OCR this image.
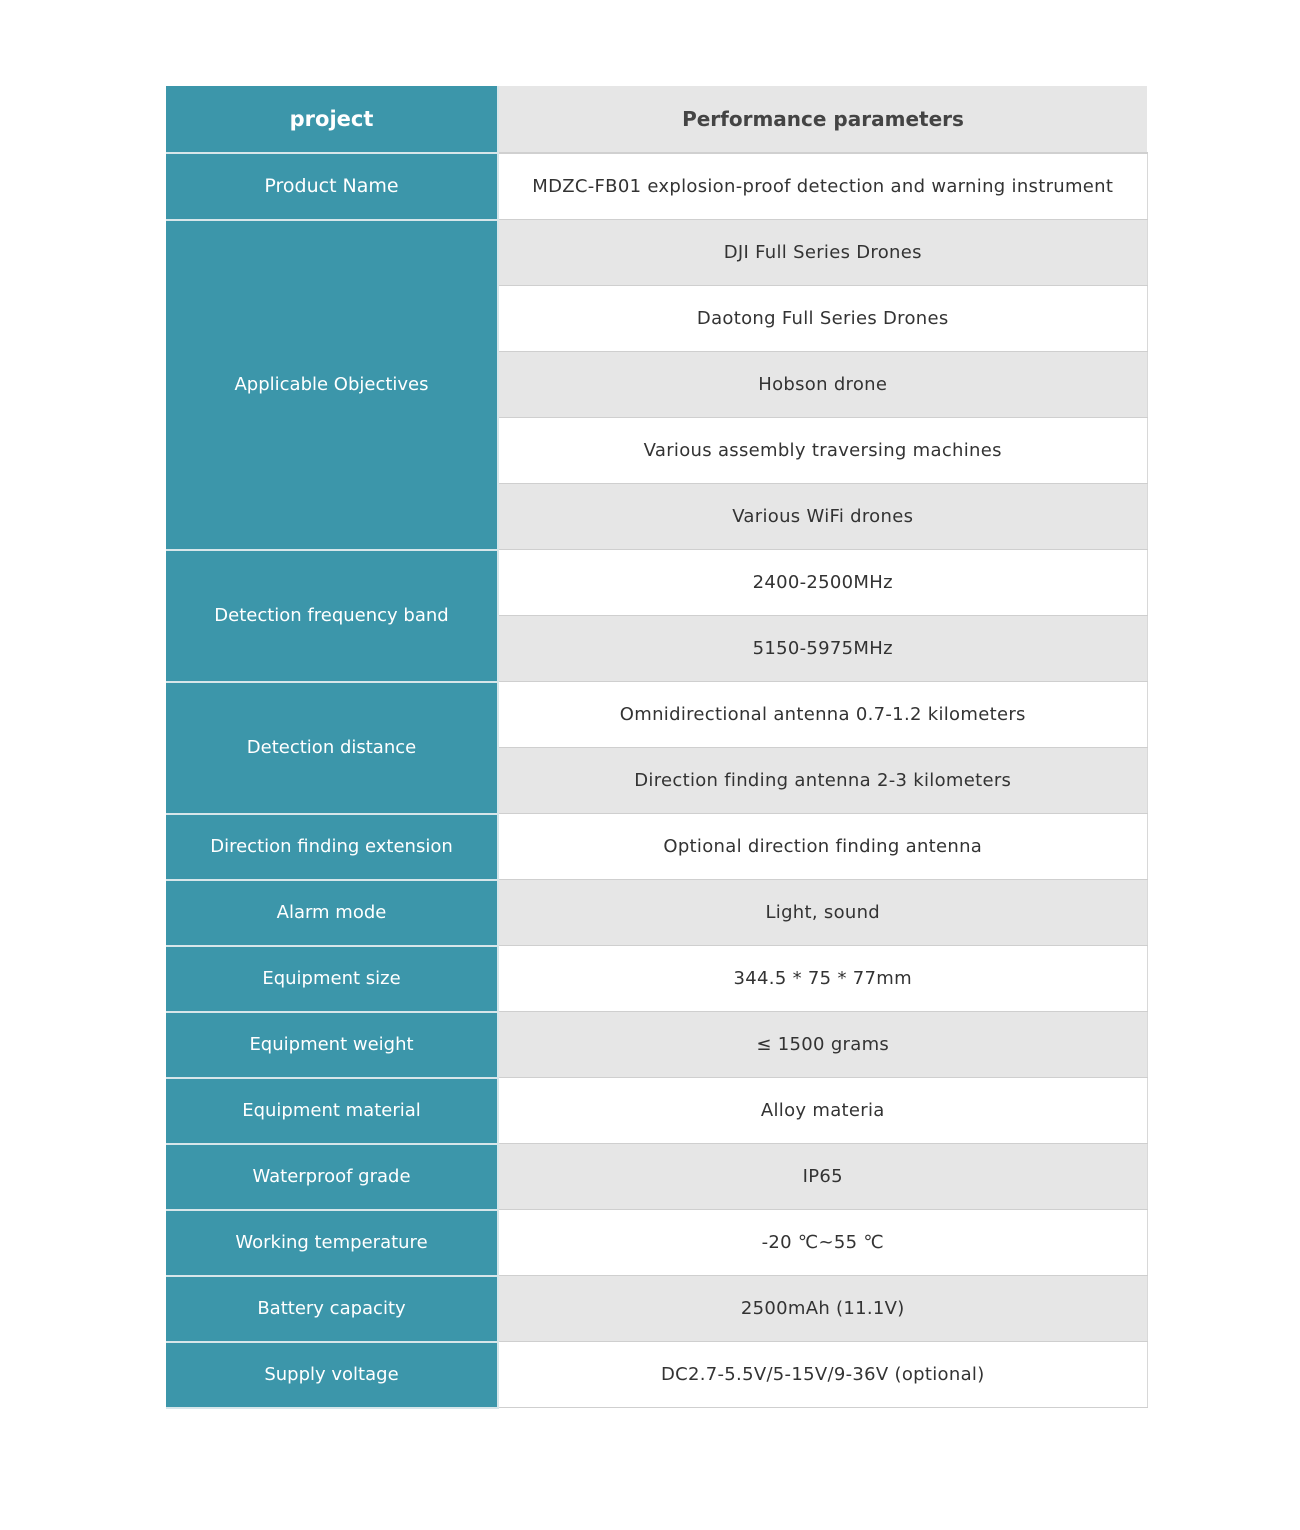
project	Performance parameters
Product Name	MDZC-FB01 explosion-proof detection and warning instrument
Applicable Objectives	DJI Full Series Drones
	Daotong Full Series Drones
	Hobson drone
	Various assembly traversing machines
	Various WiFi drones
Detection frequency band	2400-2500MHz
	5150-5975MHz
Detection distance	Omnidirectional antenna 0.7-1.2 kilometers
	Direction finding antenna 2-3 kilometers
Direction finding extension	Optional direction finding antenna
Alarm mode	Light, sound
Equipment size	344.5 * 75 * 77mm
Equipment weight	≤ 1500 grams
Equipment material	Alloy materia
Waterproof grade	IP65
Working temperature	-20 ℃~55 ℃
Battery capacity	2500mAh (11.1V)
Supply voltage	DC2.7-5.5V/5-15V/9-36V (optional)
